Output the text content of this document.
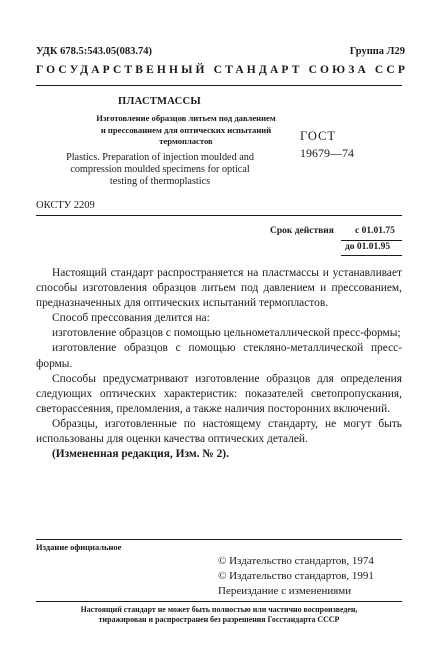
УДК 678.5:543.05(083.74)	Группа Л29
ГОСУДАРСТВЕННЫЙ СТАНДАРТ СОЮЗА ССР
ПЛАСТМАССЫ
Изготовление образцов литьем под давлением
и прессованием для оптических испытаний
термопластов
Plastics. Preparation of injection moulded and
compression moulded specimens for optical
testing of thermoplastics
ОКСТУ 2209
ГОСТ
19679—74
Срок действия с 01.01.75
до 01.01.95

Настоящий стандарт распространяется на пластмассы и устанавливает способы изготовления образцов литьем под давлением и прессованием, предназначенных для оптических испытаний термопластов.

Способ прессования делится на:

изготовление образцов с помощью цельнометаллической пресс-формы;

изготовление образцов с помощью стекляно-металлической пресс-формы.

Способы предусматривают изготовление образцов для определения следующих оптических характеристик: показателей светопропускания, светорассеяния, преломления, а также наличия посторонних включений.

Образцы, изготовленные по настоящему стандарту, не могут быть использованы для оценки качества оптических деталей.

(Измененная редакция, Изм. № 2).

Издание официальное
© Издательство стандартов, 1974
© Издательство стандартов, 1991
Переиздание с изменениями
Настоящий стандарт не может быть полностью или частично воспроизведен,
тиражирован и распространен без разрешения Госстандарта СССР
